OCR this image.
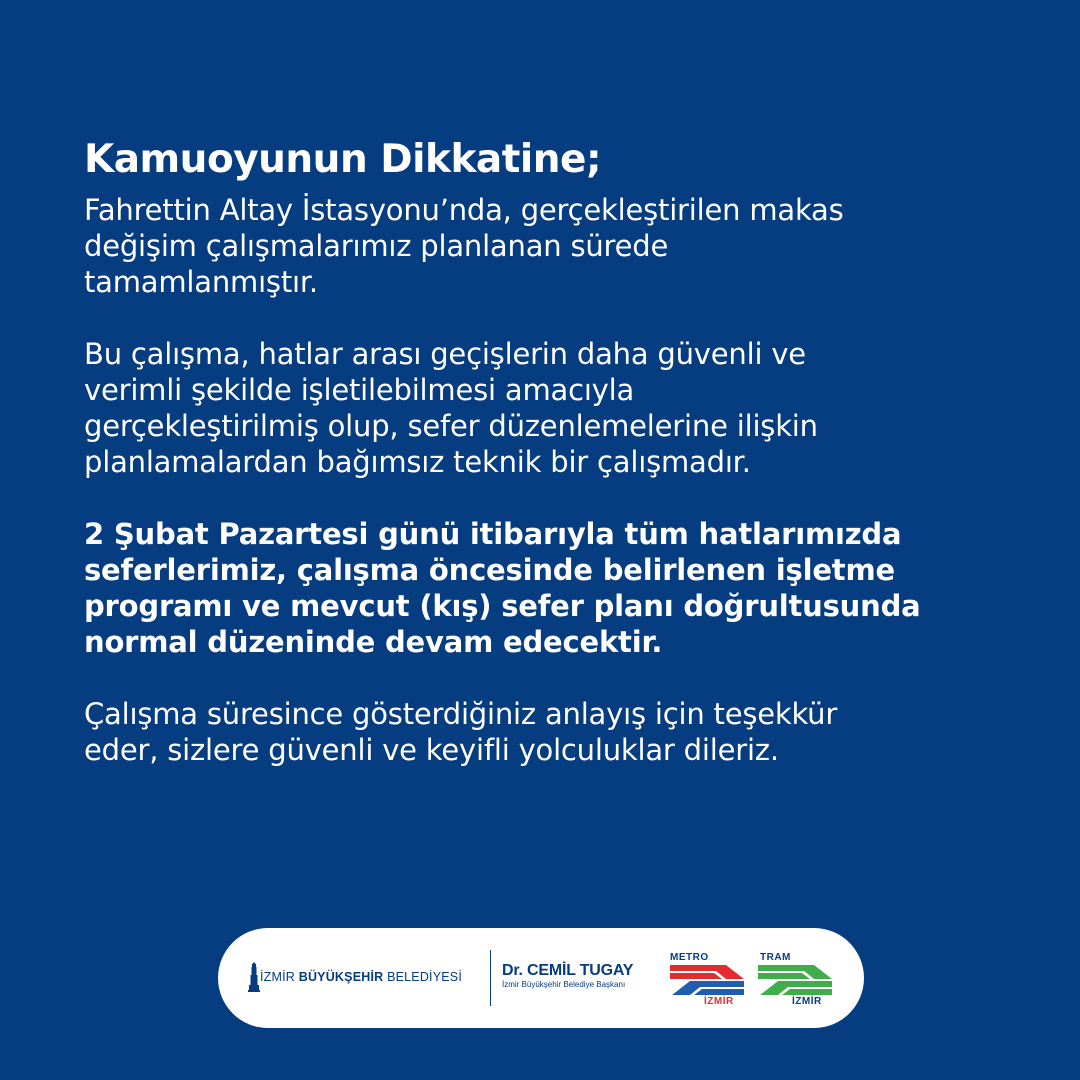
Kamuoyunun Dikkatine;
Fahrettin Altay İstasyonu’nda, gerçekleştirilen makas
değişim çalışmalarımız planlanan sürede
tamamlanmıştır.
Bu çalışma, hatlar arası geçişlerin daha güvenli ve
verimli şekilde işletilebilmesi amacıyla
gerçekleştirilmiş olup, sefer düzenlemelerine ilişkin
planlamalardan bağımsız teknik bir çalışmadır.
2 Şubat Pazartesi günü itibarıyla tüm hatlarımızda
seferlerimiz, çalışma öncesinde belirlenen işletme
programı ve mevcut (kış) sefer planı doğrultusunda
normal düzeninde devam edecektir.
Çalışma süresince gösterdiğiniz anlayış için teşekkür
eder, sizlere güvenli ve keyifli yolculuklar dileriz.
İZMİR BÜYÜKŞEHİR BELEDİYESİ Dr. CEMİL TUGAY
İzmir Büyükşehir Belediye Başkanı
METRO
İZMİR
TRAM
İZMİR
